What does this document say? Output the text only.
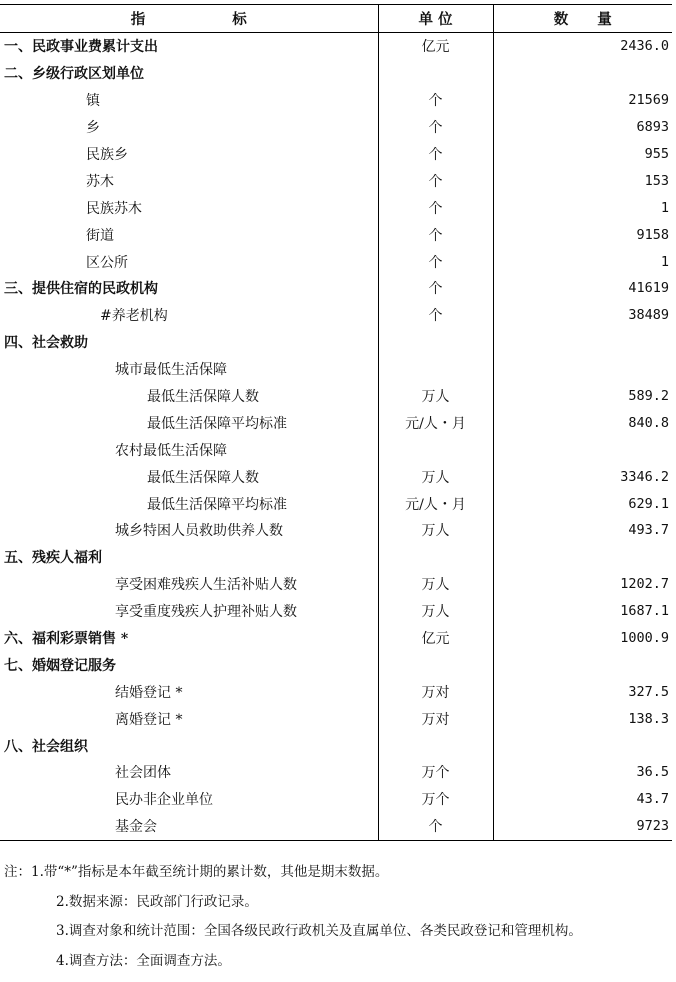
指　　　　　　标	单 位	数　　量
一、民政事业费累计支出	亿元	2436.0
二、乡级行政区划单位		
镇	个	21569
乡	个	6893
民族乡	个	955
苏木	个	153
民族苏木	个	1
街道	个	9158
区公所	个	1
三、提供住宿的民政机构	个	41619
#养老机构	个	38489
四、社会救助		
城市最低生活保障		
最低生活保障人数	万人	589.2
最低生活保障平均标准	元/人・月	840.8
农村最低生活保障		
最低生活保障人数	万人	3346.2
最低生活保障平均标准	元/人・月	629.1
城乡特困人员救助供养人数	万人	493.7
五、残疾人福利		
享受困难残疾人生活补贴人数	万人	1202.7
享受重度残疾人护理补贴人数	万人	1687.1
六、福利彩票销售 *	亿元	1000.9
七、婚姻登记服务		
结婚登记 *	万对	327.5
离婚登记 *	万对	138.3
八、社会组织		
社会团体	万个	36.5
民办非企业单位	万个	43.7
基金会	个	9723
注：1.带“*”指标是本年截至统计期的累计数，其他是期末数据。
2.数据来源：民政部门行政记录。
3.调查对象和统计范围：全国各级民政行政机关及直属单位、各类民政登记和管理机构。
4.调查方法：全面调查方法。
